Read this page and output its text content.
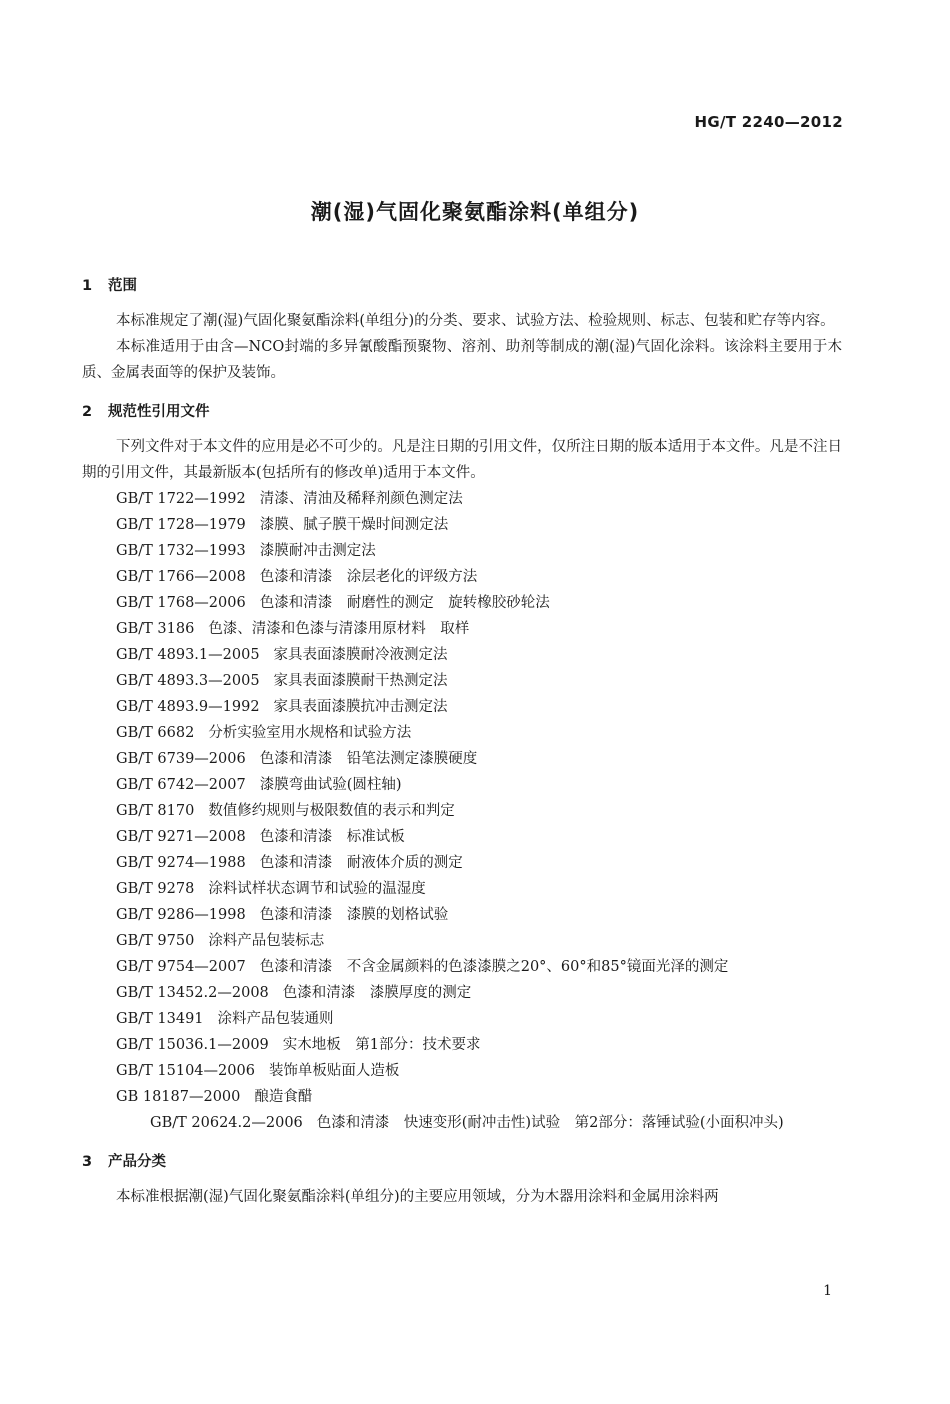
HG/T 2240—2012
潮(湿)气固化聚氨酯涂料(单组分)
1 范围

本标准规定了潮(湿)气固化聚氨酯涂料(单组分)的分类、要求、试验方法、检验规则、标志、包装和贮存等内容。

本标准适用于由含—NCO封端的多异氰酸酯预聚物、溶剂、助剂等制成的潮(湿)气固化涂料。该涂料主要用于木质、金属表面等的保护及装饰。

2 规范性引用文件

下列文件对于本文件的应用是必不可少的。凡是注日期的引用文件，仅所注日期的版本适用于本文件。凡是不注日期的引用文件，其最新版本(包括所有的修改单)适用于本文件。

GB/T 1722—1992 清漆、清油及稀释剂颜色测定法
GB/T 1728—1979 漆膜、腻子膜干燥时间测定法
GB/T 1732—1993 漆膜耐冲击测定法
GB/T 1766—2008 色漆和清漆　涂层老化的评级方法
GB/T 1768—2006 色漆和清漆　耐磨性的测定　旋转橡胶砂轮法
GB/T 3186 色漆、清漆和色漆与清漆用原材料　取样
GB/T 4893.1—2005 家具表面漆膜耐冷液测定法
GB/T 4893.3—2005 家具表面漆膜耐干热测定法
GB/T 4893.9—1992 家具表面漆膜抗冲击测定法
GB/T 6682 分析实验室用水规格和试验方法
GB/T 6739—2006 色漆和清漆　铅笔法测定漆膜硬度
GB/T 6742—2007 漆膜弯曲试验(圆柱轴)
GB/T 8170 数值修约规则与极限数值的表示和判定
GB/T 9271—2008 色漆和清漆　标准试板
GB/T 9274—1988 色漆和清漆　耐液体介质的测定
GB/T 9278 涂料试样状态调节和试验的温湿度
GB/T 9286—1998 色漆和清漆　漆膜的划格试验
GB/T 9750 涂料产品包装标志
GB/T 9754—2007 色漆和清漆　不含金属颜料的色漆漆膜之20°、60°和85°镜面光泽的测定
GB/T 13452.2—2008 色漆和清漆　漆膜厚度的测定
GB/T 13491 涂料产品包装通则
GB/T 15036.1—2009 实木地板　第1部分：技术要求
GB/T 15104—2006 装饰单板贴面人造板
GB 18187—2000 酿造食醋
GB/T 20624.2—2006 色漆和清漆　快速变形(耐冲击性)试验　第2部分：落锤试验(小面积冲头)
3 产品分类

本标准根据潮(湿)气固化聚氨酯涂料(单组分)的主要应用领域，分为木器用涂料和金属用涂料两

1
